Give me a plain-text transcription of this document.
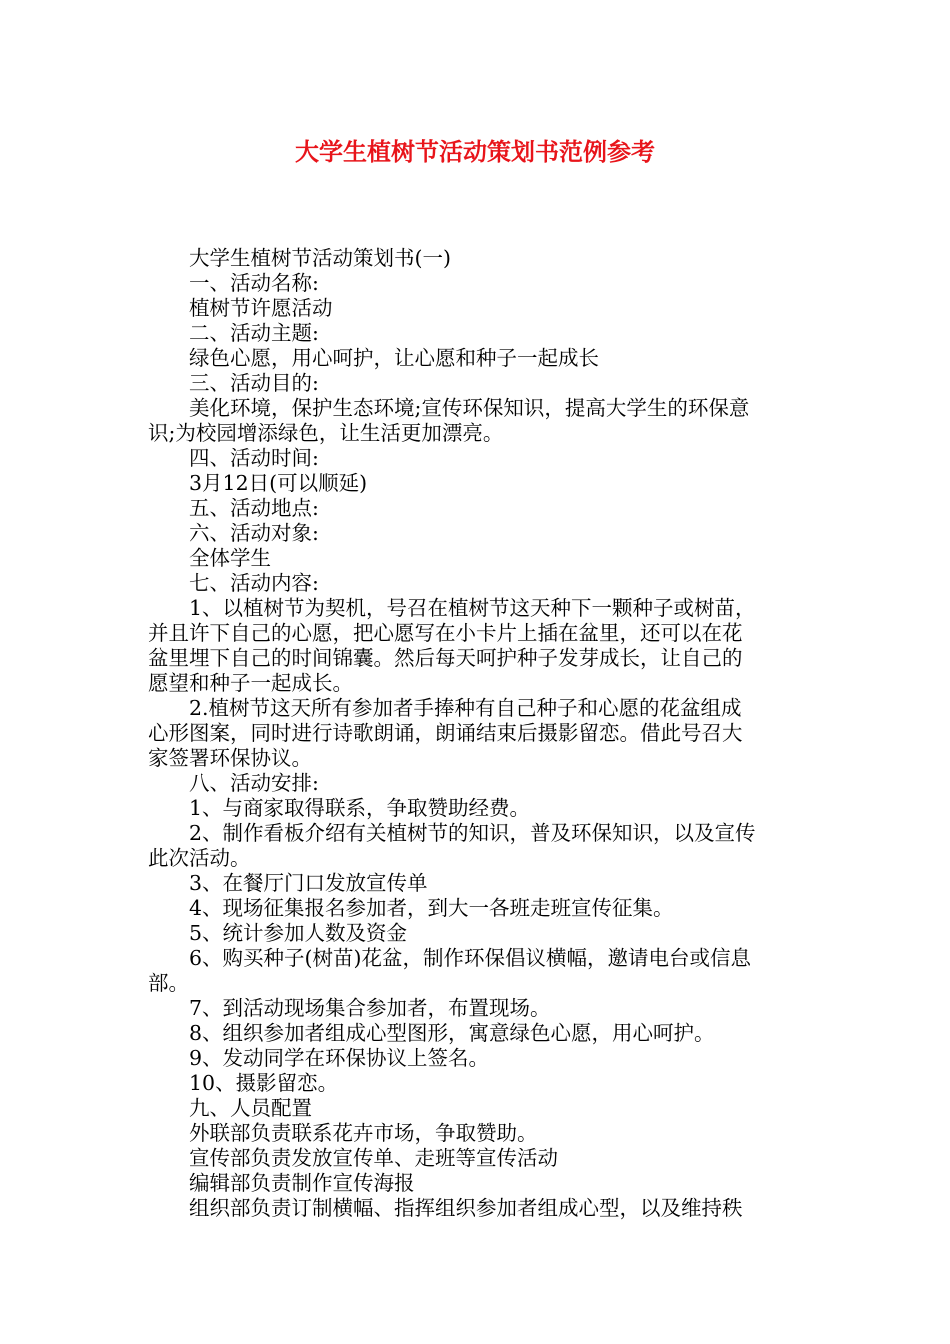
大学生植树节活动策划书范例参考
大学生植树节活动策划书(一)
一、活动名称:
植树节许愿活动
二、活动主题:
绿色心愿，用心呵护，让心愿和种子一起成长
三、活动目的:
美化环境，保护生态环境;宣传环保知识，提高大学生的环保意
识;为校园增添绿色，让生活更加漂亮。
四、活动时间:
3月12日(可以顺延)
五、活动地点:
六、活动对象:
全体学生
七、活动内容:
1、以植树节为契机，号召在植树节这天种下一颗种子或树苗，
并且许下自己的心愿，把心愿写在小卡片上插在盆里，还可以在花
盆里埋下自己的时间锦囊。然后每天呵护种子发芽成长，让自己的
愿望和种子一起成长。
2.植树节这天所有参加者手捧种有自己种子和心愿的花盆组成
心形图案，同时进行诗歌朗诵，朗诵结束后摄影留恋。借此号召大
家签署环保协议。
八、活动安排:
1、与商家取得联系，争取赞助经费。
2、制作看板介绍有关植树节的知识，普及环保知识，以及宣传
此次活动。
3、在餐厅门口发放宣传单
4、现场征集报名参加者，到大一各班走班宣传征集。
5、统计参加人数及资金
6、购买种子(树苗)花盆，制作环保倡议横幅，邀请电台或信息
部。
7、到活动现场集合参加者，布置现场。
8、组织参加者组成心型图形，寓意绿色心愿，用心呵护。
9、发动同学在环保协议上签名。
10、摄影留恋。
九、人员配置
外联部负责联系花卉市场，争取赞助。
宣传部负责发放宣传单、走班等宣传活动
编辑部负责制作宣传海报
组织部负责订制横幅、指挥组织参加者组成心型，以及维持秩
